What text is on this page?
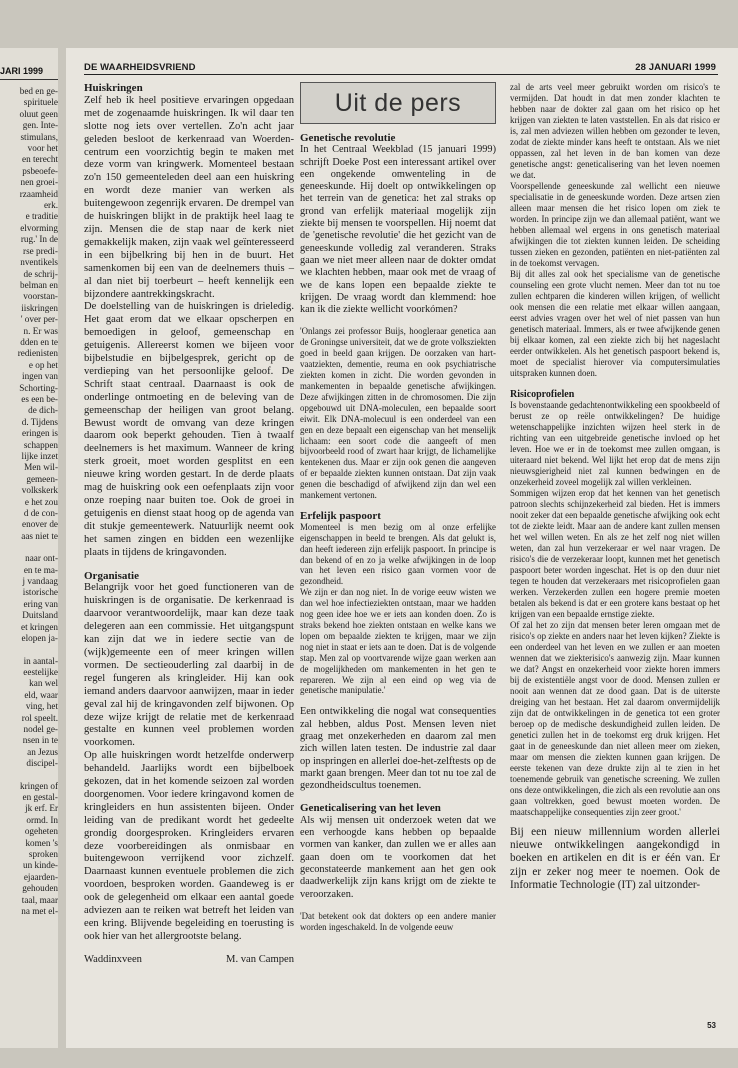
JARI 1999
bed en ge-
spirituele
oluut geen
gen. Inte-
stimulans,
voor het
en terecht
psbeoefe-
nen groei-
rzaamheid
erk.
e traditie
elvorming
rug.' In de
rse predi-
nventikels
de schrij-
belman en
voorstan-
iiskringen
' over per-
n. Er was
dden en te
redienisten
e op het
ingen van
Schorting-
es een be-
de dich-
d. Tijdens
eringen is
schappen
lijke inzet
Men wil-
gemeen-
volkskerk
e het zou
d de con-
enover de
aas niet te
naar ont-
en te ma-
j vandaag
istorische
ering van
Duitsland
et kringen
elopen ja-
in aantal-
eestelijke
kan wel
eld, waar
ving, het
rol speelt.
nodel ge-
nsen in te
an Jezus
discipel-
kringen of
en gestal-
jk erf. Er
ormd. In
ogeheten
komen 's
sproken
un kinde-
ejaarden-
gehouden
taal, maar
na met el-
DE WAARHEIDSVRIEND	28 JANUARI 1999
Huiskringen

Zelf heb ik heel positieve ervaringen opgedaan met de zogenaamde huiskringen. Ik wil daar ten slotte nog iets over vertellen. Zo'n acht jaar geleden besloot de kerkenraad van Woerden-centrum een voorzichtig begin te maken met deze vorm van kringwerk. Momenteel bestaan zo'n 150 gemeenteleden deel aan een huiskring en wordt deze manier van werken als buitengewoon zegenrijk ervaren. De drempel van de huiskringen blijkt in de praktijk heel laag te zijn. Mensen die de stap naar de kerk niet gemakkelijk maken, zijn vaak wel geïnteresseerd in een bijbelkring bij hen in de buurt. Het samenkomen bij een van de deelnemers thuis – al dan niet bij toerbeurt – heeft kennelijk een bijzondere aantrekkingskracht.

De doelstelling van de huiskringen is drieledig. Het gaat erom dat we elkaar opscherpen en bemoedigen in geloof, gemeenschap en getuigenis. Allereerst komen we bijeen voor bijbelstudie en bijbelgesprek, gericht op de verdieping van het persoonlijke geloof. De Schrift staat centraal. Daarnaast is ook de onderlinge ontmoeting en de beleving van de gemeenschap der heiligen van groot belang. Bewust wordt de omvang van deze kringen daarom ook beperkt gehouden. Tien à twaalf deelnemers is het maximum. Wanneer de kring sterk groeit, moet worden gesplitst en een nieuwe kring worden gestart. In de derde plaats mag de huiskring ook een oefenplaats zijn voor onze roeping naar buiten toe. Ook de groei in getuigenis en dienst staat hoog op de agenda van dit stukje gemeentewerk. Natuurlijk neemt ook het samen zingen en bidden een wezenlijke plaats in tijdens de kringavonden.

Organisatie

Belangrijk voor het goed functioneren van de huiskringen is de organisatie. De kerkenraad is daarvoor verantwoordelijk, maar kan deze taak delegeren aan een commissie. Het uitgangspunt kan zijn dat we in iedere sectie van de (wijk)gemeente een of meer kringen willen vormen. De sectieouderling zal daarbij in de regel fungeren als kringleider. Hij kan ook iemand anders daarvoor aanwijzen, maar in ieder geval zal hij de kringavonden zelf bijwonen. Op deze wijze krijgt de relatie met de kerkenraad gestalte en kunnen veel problemen worden voorkomen.

Op alle huiskringen wordt hetzelfde onderwerp behandeld. Jaarlijks wordt een bijbelboek gekozen, dat in het komende seizoen zal worden doorgenomen. Voor iedere kringavond komen de kringleiders en hun assistenten bijeen. Onder leiding van de predikant wordt het gedeelte grondig doorgesproken. Kringleiders ervaren deze voorbereidingen als onmisbaar en buitengewoon verrijkend voor zichzelf. Daarnaast kunnen eventuele problemen die zich voordoen, besproken worden. Gaandeweg is er ook de gelegenheid om elkaar een aantal goede adviezen aan te reiken wat betreft het leiden van een kring. Blijvende begeleiding en toerusting is ook hier van het allergrootste belang.

Waddinxveen	M. van Campen
Uit de pers
Genetische revolutie

In het Centraal Weekblad (15 januari 1999) schrijft Doeke Post een interessant artikel over een ongekende omwenteling in de geneeskunde. Hij doelt op ontwikkelingen op het terrein van de genetica: het zal straks op grond van erfelijk materiaal mogelijk zijn ziekte bij mensen te voorspellen. Hij noemt dat de 'genetische revolutie' die het gezicht van de geneeskunde volledig zal veranderen. Straks gaan we niet meer alleen naar de dokter omdat we klachten hebben, maar ook met de vraag of we de kans lopen een bepaalde ziekte te krijgen. De vraag wordt dan klemmend: hoe kan ik die ziekte wellicht voorkómen?

'Onlangs zei professor Buijs, hoogleraar genetica aan de Groningse universiteit, dat we de grote volksziekten goed in beeld gaan krijgen. De oorzaken van hart-vaatziekten, dementie, reuma en ook psychiatrische ziekten komen in zicht. Die worden gevonden in mankementen in bepaalde genetische afwijkingen. Deze afwijkingen zitten in de chromosomen. Die zijn opgebouwd uit DNA-moleculen, een bepaalde soort eiwit. Elk DNA-molecuul is een onderdeel van een gen en deze bepaalt een eigenschap van het menselijk lichaam: een soort code die aangeeft of men bijvoorbeeld rood of zwart haar krijgt, de lichamelijke kentekenen dus. Maar er zijn ook genen die aangeven of er bepaalde ziekten kunnen ontstaan. Dat zijn vaak genen die beschadigd of afwijkend zijn dan wel een mankement vertonen.

Erfelijk paspoort

Momenteel is men bezig om al onze erfelijke eigenschappen in beeld te brengen. Als dat gelukt is, dan heeft iedereen zijn erfelijk paspoort. In principe is dan bekend of en zo ja welke afwijkingen in de loop van het leven een risico gaan vormen voor de gezondheid.

We zijn er dan nog niet. In de vorige eeuw wisten we dan wel hoe infectieziekten ontstaan, maar we hadden nog geen idee hoe we er iets aan konden doen. Zo is straks bekend hoe ziekten ontstaan en welke kans we lopen om bepaalde ziekten te krijgen, maar we zijn nog niet in staat er iets aan te doen. Dat is de volgende stap. Men zal op voortvarende wijze gaan werken aan de mogelijkheden om mankementen in het gen te repareren. We zijn al een eind op weg via de genetische manipulatie.'

Een ontwikkeling die nogal wat consequenties zal hebben, aldus Post. Mensen leven niet graag met onzekerheden en daarom zal men zich willen laten testen. De industrie zal daar op inspringen en allerlei doe-het-zelftests op de markt gaan brengen. Meer dan tot nu toe zal de gezondheidscultus toenemen.

Geneticalisering van het leven

Als wij mensen uit onderzoek weten dat we een verhoogde kans hebben op bepaalde vormen van kanker, dan zullen we er alles aan gaan doen om te voorkomen dat het geconstateerde mankement aan het gen ook daadwerkelijk zijn kans krijgt om de ziekte te veroorzaken.

'Dat betekent ook dat dokters op een andere manier worden ingeschakeld. In de volgende eeuw

zal de arts veel meer gebruikt worden om risico's te vermijden. Dat houdt in dat men zonder klachten te hebben naar de dokter zal gaan om het risico op het krijgen van ziekten te laten vaststellen. En als dat risico er is, zal men adviezen willen hebben om gezonder te leven, zodat de ziekte minder kans heeft te ontstaan. Als we niet oppassen, zal het leven in de ban komen van deze genetische angst: geneticalisering van het leven noemen we dat.

Voorspellende geneeskunde zal wellicht een nieuwe specialisatie in de geneeskunde worden. Deze artsen zien alleen maar mensen die het risico lopen om ziek te worden. In principe zijn we dan allemaal patiënt, want we hebben allemaal wel ergens in ons genetisch materiaal afwijkingen die tot ziekten kunnen leiden. De scheiding tussen zieken en gezonden, patiënten en niet-patiënten zal in de toekomst vervagen.

Bij dit alles zal ook het specialisme van de genetische counseling een grote vlucht nemen. Meer dan tot nu toe zullen echtparen die kinderen willen krijgen, of wellicht ook mensen die een relatie met elkaar willen aangaan, eerst advies vragen over het wel of niet passen van hun genetisch materiaal. Immers, als er twee afwijkende genen bij elkaar komen, zal een ziekte zich bij het nageslacht eerder ontwikkelen. Als het genetisch paspoort bekend is, moet de specialist hierover via computersimulaties uitspraken kunnen doen.

Risicoprofielen

Is bovenstaande gedachtenontwikkeling een spookbeeld of berust ze op reële ontwikkelingen? De huidige wetenschappelijke inzichten wijzen heel sterk in de richting van een uitgebreide genetische invloed op het leven. Hoe we er in de toekomst mee zullen omgaan, is uiteraard niet bekend. Wel lijkt het erop dat de mens zijn nieuwsgierigheid niet zal kunnen bedwingen en de onzekerheid zoveel mogelijk zal willen verkleinen.

Sommigen wijzen erop dat het kennen van het genetisch patroon slechts schijnzekerheid zal bieden. Het is immers nooit zeker dat een bepaalde genetische afwijking ook echt tot de ziekte leidt. Maar aan de andere kant zullen mensen het wel willen weten. En als ze het zelf nog niet willen weten, dan zal hun verzekeraar er wel naar vragen. De risico's die de verzekeraar loopt, kunnen met het genetisch paspoort beter worden ingeschat. Het is op den duur niet tegen te houden dat verzekeraars met risicoprofielen gaan werken. Verzekerden zullen een hogere premie moeten betalen als bekend is dat er een grotere kans bestaat op het krijgen van een bepaalde ernstige ziekte.

Of zal het zo zijn dat mensen beter leren omgaan met de risico's op ziekte en anders naar het leven kijken? Ziekte is een onderdeel van het leven en we zullen er aan moeten wennen dat we ziekterisico's aanwezig zijn. Maar kunnen we dat? Angst en onzekerheid voor ziekte horen immers bij de existentiële angst voor de dood. Mensen zullen er nooit aan wennen dat ze dood gaan. Dat is de uiterste dreiging van het bestaan. Het zal daarom onvermijdelijk zijn dat de ontwikkelingen in de genetica tot een groter beroep op de medische deskundigheid zullen leiden. De genetici zullen het in de toekomst erg druk krijgen. Het gaat in de geneeskunde dan niet alleen meer om zieken, maar om mensen die ziekten kunnen gaan krijgen. De eerste tekenen van deze drukte zijn al te zien in het toenemende gebruik van genetische screening. We zullen ons deze ontwikkelingen, die zich als een revolutie aan ons gaan voltrekken, goed bewust moeten worden. De maatschappelijke consequenties zijn zeer groot.'

Bij een nieuw millennium worden allerlei nieuwe ontwikkelingen aangekondigd in boeken en artikelen en dit is er één van. Er zijn er zeker nog meer te noemen. Ook de Informatie Technologie (IT) zal uitzonder-

53
